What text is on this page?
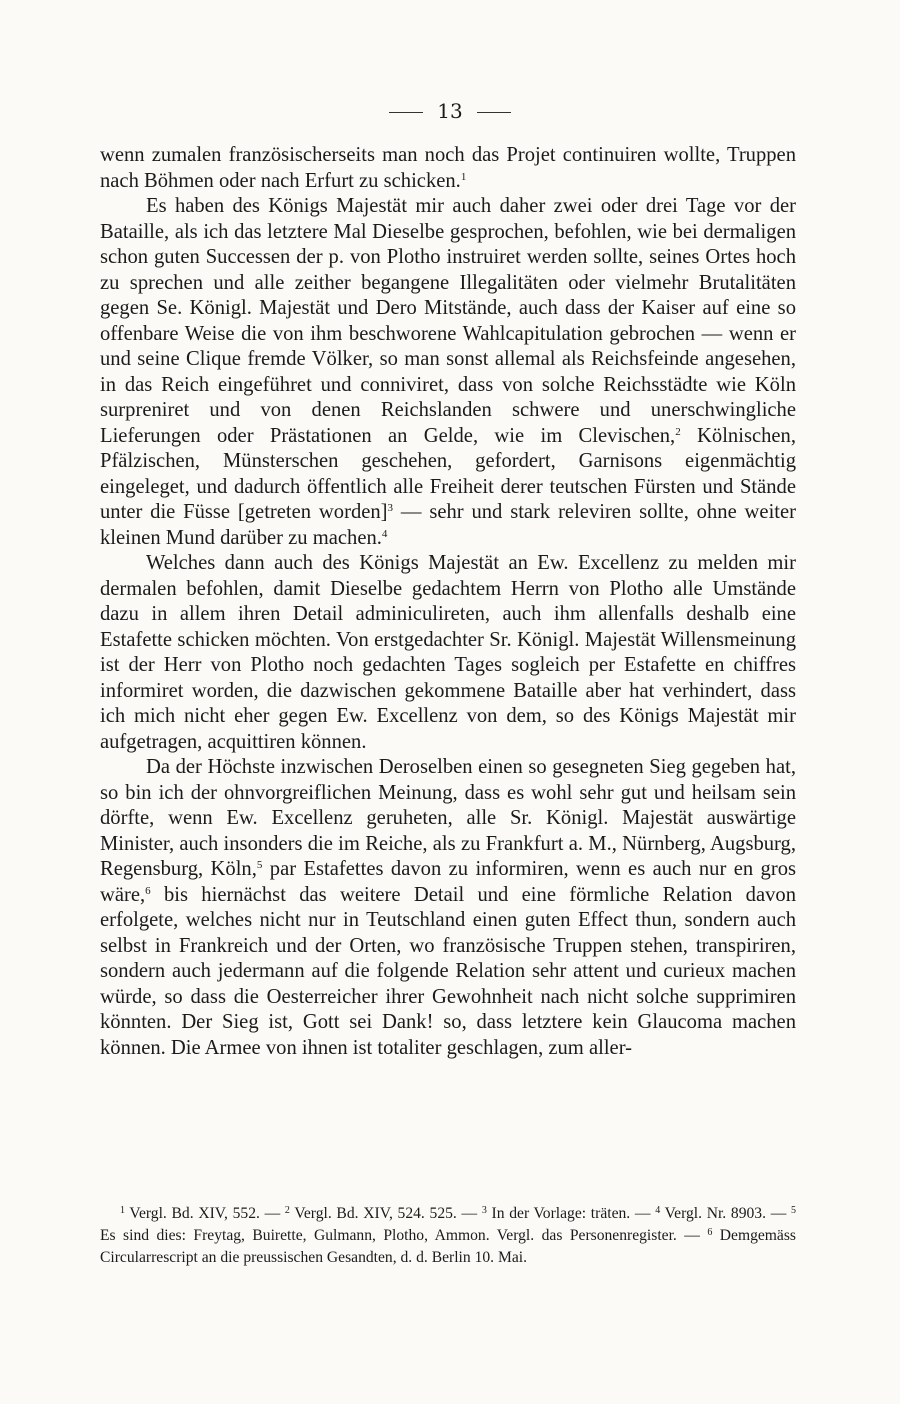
13

wenn zumalen französischerseits man noch das Projet continuiren wollte, Truppen nach Böhmen oder nach Erfurt zu schicken.$^1$

Es haben des Königs Majestät mir auch daher zwei oder drei Tage vor der Bataille, als ich das letztere Mal Dieselbe gesprochen, befohlen, wie bei dermaligen schon guten Successen der p. von Plotho instruiret werden sollte, seines Ortes hoch zu sprechen und alle zeither begangene Illegalitäten oder vielmehr Brutalitäten gegen Se. Königl. Majestät und Dero Mitstände, auch dass der Kaiser auf eine so offenbare Weise die von ihm beschworene Wahlcapitulation gebrochen — wenn er und seine Clique fremde Völker, so man sonst allemal als Reichsfeinde angesehen, in das Reich eingeführet und conniviret, dass von solche Reichsstädte wie Köln surpreniret und von denen Reichslanden schwere und unerschwingliche Lieferungen oder Prästationen an Gelde, wie im Clevischen,$^2$ Kölnischen, Pfälzischen, Münsterschen geschehen, gefordert, Garnisons eigenmächtig eingeleget, und dadurch öffentlich alle Freiheit derer teutschen Fürsten und Stände unter die Füsse [getreten worden]$^3$ — sehr und stark releviren sollte, ohne weiter kleinen Mund darüber zu machen.$^4$

Welches dann auch des Königs Majestät an Ew. Excellenz zu melden mir dermalen befohlen, damit Dieselbe gedachtem Herrn von Plotho alle Umstände dazu in allem ihren Detail adminiculireten, auch ihm allenfalls deshalb eine Estafette schicken möchten. Von erstgedachter Sr. Königl. Majestät Willensmeinung ist der Herr von Plotho noch gedachten Tages sogleich per Estafette en chiffres informiret worden, die dazwischen gekommene Bataille aber hat verhindert, dass ich mich nicht eher gegen Ew. Excellenz von dem, so des Königs Majestät mir aufgetragen, acquittiren können.

Da der Höchste inzwischen Deroselben einen so gesegneten Sieg gegeben hat, so bin ich der ohnvorgreiflichen Meinung, dass es wohl sehr gut und heilsam sein dörfte, wenn Ew. Excellenz geruheten, alle Sr. Königl. Majestät auswärtige Minister, auch insonders die im Reiche, als zu Frankfurt a. M., Nürnberg, Augsburg, Regensburg, Köln,$^5$ par Estafettes davon zu informiren, wenn es auch nur en gros wäre,$^6$ bis hiernächst das weitere Detail und eine förmliche Relation davon erfolgete, welches nicht nur in Teutschland einen guten Effect thun, sondern auch selbst in Frankreich und der Orten, wo französische Truppen stehen, transpiriren, sondern auch jedermann auf die folgende Relation sehr attent und curieux machen würde, so dass die Oesterreicher ihrer Gewohnheit nach nicht solche supprimiren könnten. Der Sieg ist, Gott sei Dank! so, dass letztere kein Glaucoma machen können. Die Armee von ihnen ist totaliter geschlagen, zum aller-

$^1$ Vergl. Bd. XIV, 552. — $^2$ Vergl. Bd. XIV, 524. 525. — $^3$ In der Vorlage: träten. — $^4$ Vergl. Nr. 8903. — $^5$ Es sind dies: Freytag, Buirette, Gulmann, Plotho, Ammon. Vergl. das Personenregister. — $^6$ Demgemäss Circularrescript an die preussischen Gesandten, d. d. Berlin 10. Mai.
